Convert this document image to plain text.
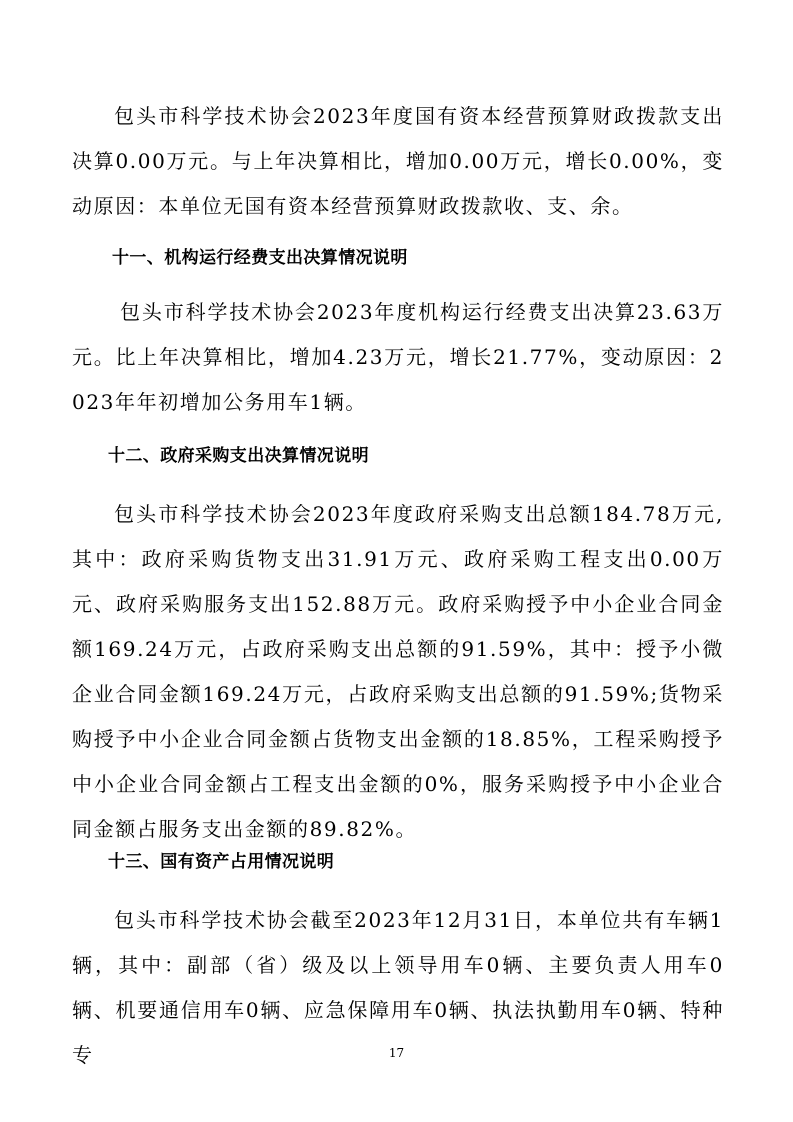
包头市科学技术协会2023年度国有资本经营预算财政拨款支出决算0.00万元。与上年决算相比，增加0.00万元，增长0.00%，变动原因：本单位无国有资本经营预算财政拨款收、支、余。

十一、机构运行经费支出决算情况说明

包头市科学技术协会2023年度机构运行经费支出决算23.63万元。比上年决算相比，增加4.23万元，增长21.77%，变动原因：2023年年初增加公务用车1辆。

十二、政府采购支出决算情况说明

包头市科学技术协会2023年度政府采购支出总额184.78万元,其中：政府采购货物支出31.91万元、政府采购工程支出0.00万元、政府采购服务支出152.88万元。政府采购授予中小企业合同金额169.24万元，占政府采购支出总额的91.59%，其中：授予小微企业合同金额169.24万元，占政府采购支出总额的91.59%;货物采购授予中小企业合同金额占货物支出金额的18.85%，工程采购授予中小企业合同金额占工程支出金额的0%，服务采购授予中小企业合同金额占服务支出金额的89.82%。

十三、国有资产占用情况说明

包头市科学技术协会截至2023年12月31日，本单位共有车辆1辆，其中：副部（省）级及以上领导用车0辆、主要负责人用车0辆、机要通信用车0辆、应急保障用车0辆、执法执勤用车0辆、特种专	17
